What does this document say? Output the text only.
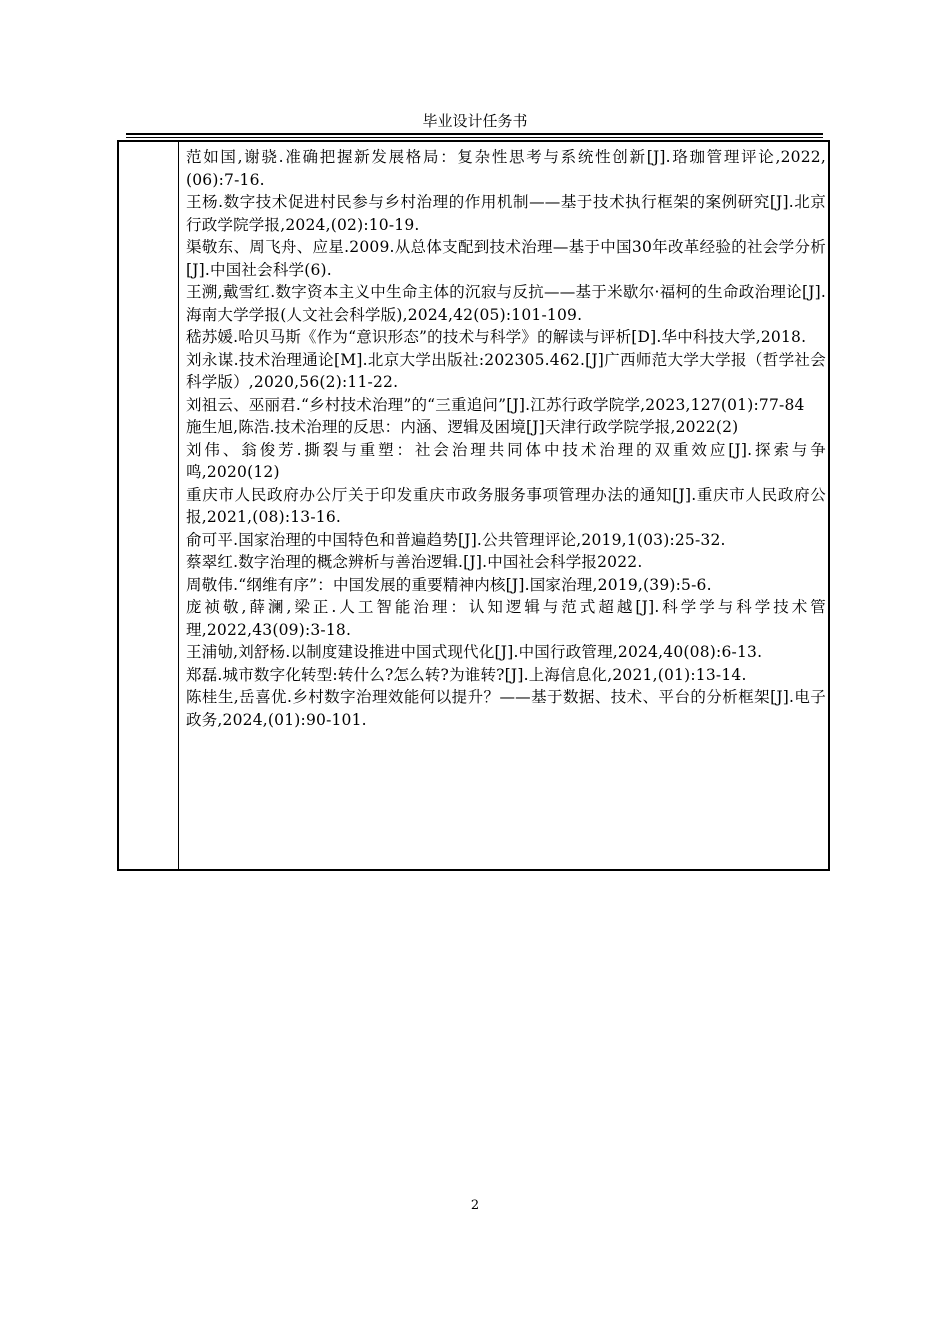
毕业设计任务书
范如国,谢骁.准确把握新发展格局：复杂性思考与系统性创新[J].珞珈管理评论,2022,(06):7-16.
王杨.数字技术促进村民参与乡村治理的作用机制——基于技术执行框架的案例研究[J].北京行政学院学报,2024,(02):10-19.
渠敬东、周飞舟、应星.2009.从总体支配到技术治理—基于中国30年改革经验的社会学分析[J].中国社会科学(6).
王溯,戴雪红.数字资本主义中生命主体的沉寂与反抗——基于米歇尔·福柯的生命政治理论[J].海南大学学报(人文社会科学版),2024,42(05):101-109.
嵇苏媛.哈贝马斯《作为“意识形态”的技术与科学》的解读与评析[D].华中科技大学,2018.
刘永谋.技术治理通论[M].北京大学出版社:202305.462.[J]广西师范大学大学报（哲学社会科学版）,2020,56(2):11-22.
刘祖云、巫丽君.“乡村技术治理”的“三重追问”[J].江苏行政学院学,2023,127(01):77-84
施生旭,陈浩.技术治理的反思：内涵、逻辑及困境[J]天津行政学院学报,2022(2)
刘伟、翁俊芳.撕裂与重塑：社会治理共同体中技术治理的双重效应[J].探索与争鸣,2020(12)
重庆市人民政府办公厅关于印发重庆市政务服务事项管理办法的通知[J].重庆市人民政府公报,2021,(08):13-16.
俞可平.国家治理的中国特色和普遍趋势[J].公共管理评论,2019,1(03):25-32.
蔡翠红.数字治理的概念辨析与善治逻辑.[J].中国社会科学报2022.
周敬伟.“纲维有序”：中国发展的重要精神内核[J].国家治理,2019,(39):5-6.
庞祯敬,薛澜,梁正.人工智能治理：认知逻辑与范式超越[J].科学学与科学技术管理,2022,43(09):3-18.
王浦劬,刘舒杨.以制度建设推进中国式现代化[J].中国行政管理,2024,40(08):6-13.
郑磊.城市数字化转型:转什么?怎么转?为谁转?[J].上海信息化,2021,(01):13-14.
陈桂生,岳喜优.乡村数字治理效能何以提升？——基于数据、技术、平台的分析框架[J].电子政务,2024,(01):90-101.
2
